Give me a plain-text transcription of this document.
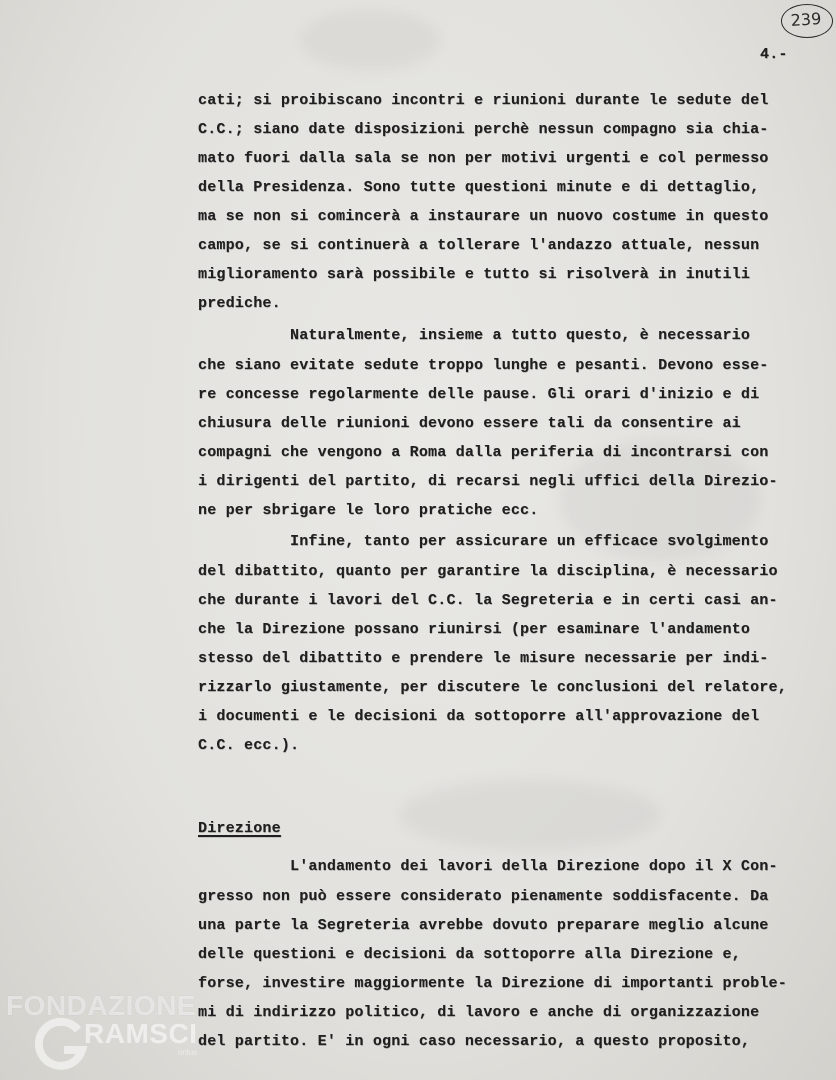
239
4.-
cati; si proibiscano incontri e riunioni durante le sedute del
C.C.; siano date disposizioni perchè nessun compagno sia chia-
mato fuori dalla sala se non per motivi urgenti e col permesso
della Presidenza. Sono tutte questioni minute e di dettaglio,
ma se non si comincerà a instaurare un nuovo costume in questo
campo, se si continuerà a tollerare l'andazzo attuale, nessun
miglioramento sarà possibile e tutto si risolverà in inutili
prediche.
Naturalmente, insieme a tutto questo, è necessario
che siano evitate sedute troppo lunghe e pesanti. Devono esse-
re concesse regolarmente delle pause. Gli orari d'inizio e di
chiusura delle riunioni devono essere tali da consentire ai
compagni che vengono a Roma dalla periferia di incontrarsi con
i dirigenti del partito, di recarsi negli uffici della Direzio-
ne per sbrigare le loro pratiche ecc.
Infine, tanto per assicurare un efficace svolgimento
del dibattito, quanto per garantire la disciplina, è necessario
che durante i lavori del C.C. la Segreteria e in certi casi an-
che la Direzione possano riunirsi (per esaminare l'andamento
stesso del dibattito e prendere le misure necessarie per indi-
rizzarlo giustamente, per discutere le conclusioni del relatore,
i documenti e le decisioni da sottoporre all'approvazione del
C.C. ecc.).
Direzione
L'andamento dei lavori della Direzione dopo il X Con-
gresso non può essere considerato pienamente soddisfacente. Da
una parte la Segreteria avrebbe dovuto preparare meglio alcune
delle questioni e decisioni da sottoporre alla Direzione e,
forse, investire maggiormente la Direzione di importanti proble-
mi di indirizzo politico, di lavoro e anche di organizzazione
del partito. E' in ogni caso necessario, a questo proposito,
FONDAZIONE
RAMSCI
onlus
